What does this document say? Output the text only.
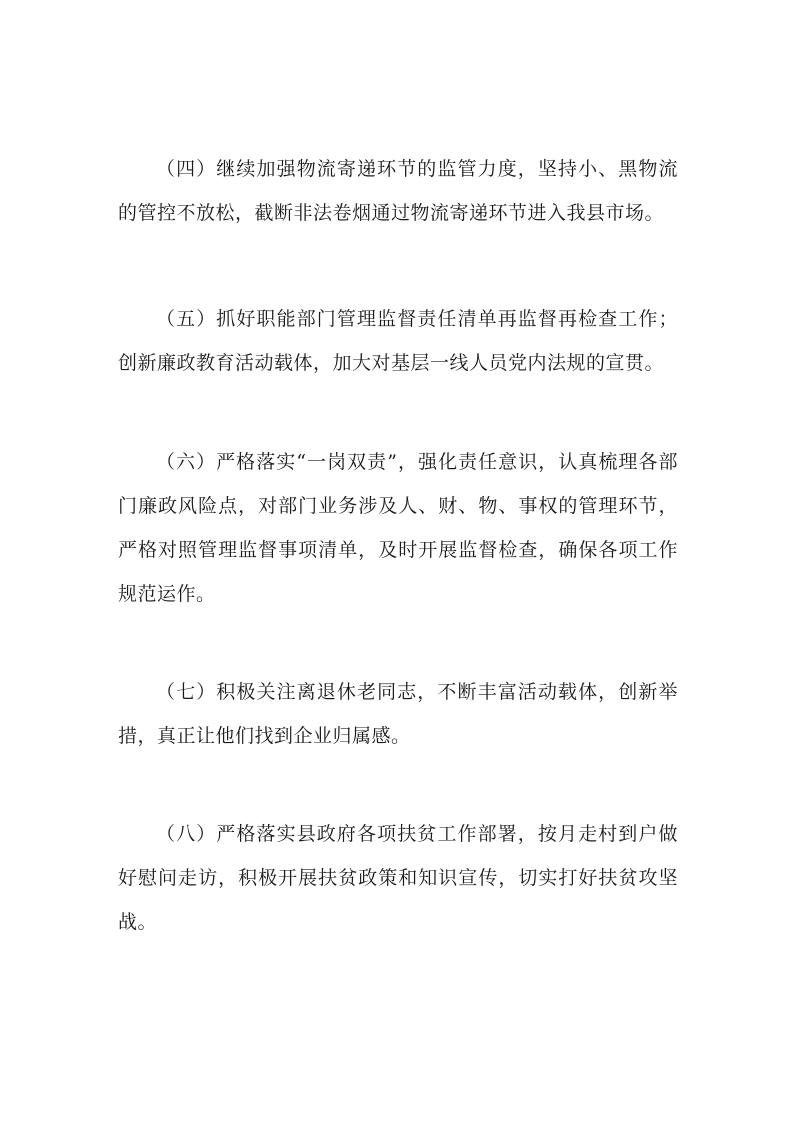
（四）继续加强物流寄递环节的监管力度，坚持小、黑物流的管控不放松，截断非法卷烟通过物流寄递环节进入我县市场。

（五）抓好职能部门管理监督责任清单再监督再检查工作；创新廉政教育活动载体，加大对基层一线人员党内法规的宣贯。

（六）严格落实“一岗双责”，强化责任意识，认真梳理各部门廉政风险点，对部门业务涉及人、财、物、事权的管理环节，严格对照管理监督事项清单，及时开展监督检查，确保各项工作规范运作。

（七）积极关注离退休老同志，不断丰富活动载体，创新举措，真正让他们找到企业归属感。

（八）严格落实县政府各项扶贫工作部署，按月走村到户做好慰问走访，积极开展扶贫政策和知识宣传，切实打好扶贫攻坚战。
